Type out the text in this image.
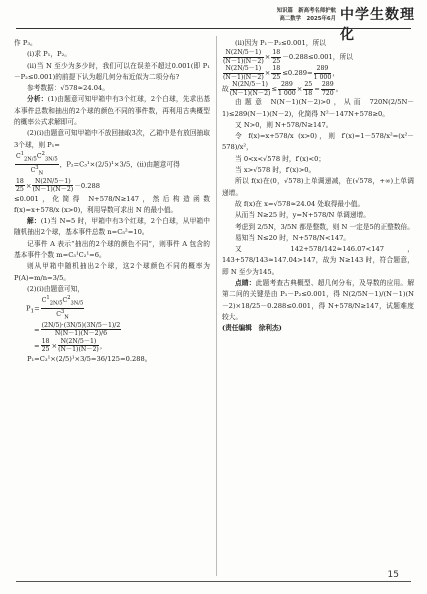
知识篇　新高考名师护航
高二数学　2025年6月 中学生数理化

作 P₃。

(i)求 P₁，P₂。

(ii)当 N 至少为多少时，我们可以在误差不超过0.001(即 P₁－P₂≤0.001)的前提下认为超几何分布近似为二项分布?

参考数据：√578≈24.04。

分析：(1)由题意可知甲箱中有3个红球，2个白球，先求出基本事件总数和抽出的2个球的颜色不同的事件数，再利用古典概型的概率公式求解即可。

(2)(i)由题意可知甲箱中不放回抽取3次，乙箱中是有放回抽取3个球，则 P₁=

$\frac{C^1_{2N/5}C^2_{3N/5}}{C^3_N}$ ，P₂=C₃¹×(2/5)¹×3/5，(ii)由题意可得

$\frac{18}{25} \times \frac{N(2N/5-1)}{(N-1)(N-2)} -0.288$

≤0.001，化简得 N+578/N≥147，然后构造函数 f(x)=x+578/x (x>0)，利用导数可求出 N 的最小值。

解：(1)当 N=5 时，甲箱中有3个红球，2个白球，从甲箱中随机抽出2个球，基本事件总数 n=C₅²=10。

记事件 A 表示“抽出的2个球的颜色不同”，则事件 A 包含的基本事件个数 m=C₃¹C₂¹=6。

则从甲箱中随机抽出2个球，这2个球颜色不同的概率为 P(A)=m/n=3/5。

(2)(i)由题意可知，

$P_1= \frac{C^1_{2N/5}C^2_{3N/5}}{C^3_N}$

= $\frac{(2N/5)\cdot(3N/5)(3N/5-1)/2}{N(N-1)(N-2)/6}$

= $\frac{18}{25} \times \frac{N(2N/5-1)}{(N-1)(N-2)}$ ，

P₁=C₃¹×(2/5)¹×3/5=36/125=0.288。

(ii)因为 P₁－P₂≤0.001，所以

$\frac{N(2N/5-1)}{(N-1)(N-2)} \times \frac{18}{25} -0.288\le 0.001$，所以

$\frac{N(2N/5-1)}{(N-1)(N-2)} \times \frac{18}{25} \le 0.289= \frac{289}{1 000}$ ，

故 $\frac{N(2N/5-1)}{(N-1)(N-2)} \le \frac{289}{1 000} \times \frac{25}{18} = \frac{289}{720}$ 。

由题意 N(N－1)(N－2)>0，从而 720N(2/5N－1)≤289(N－1)(N－2)，化简得 N²－147N+578≥0。

又 N>0，则 N+578/N≥147。

令 f(x)=x+578/x (x>0)，则 f′(x)=1－578/x²=(x²－578)/x²，

当 0<x<√578 时，f′(x)<0；

当 x>√578 时，f′(x)>0。

所以 f(x)在(0，√578)上单调递减，在(√578，+∞)上单调递增。

故 f(x)在 x=√578≈24.04 处取得最小值。

从而当 N≥25 时，y=N+578/N 单调递增。

考虑到 2/5N，3/5N 都是整数，则 N 一定是5的正整数倍。

易知当 N≤20 时，N+578/N<147。

又 142+578/142≈146.07<147，143+578/143≈147.04>147，故为 N≥143 时，符合题意，即 N 至少为145。

点睛：此题考查古典概型、超几何分布，及导数的应用。解第二问的关键是由 P₁－P₂≤0.001，得 N(2/5N－1)/(N－1)(N－2)×18/25－0.288≤0.001，得 N+578/N≥147，试题难度较大。

(责任编辑　徐利杰)

15
